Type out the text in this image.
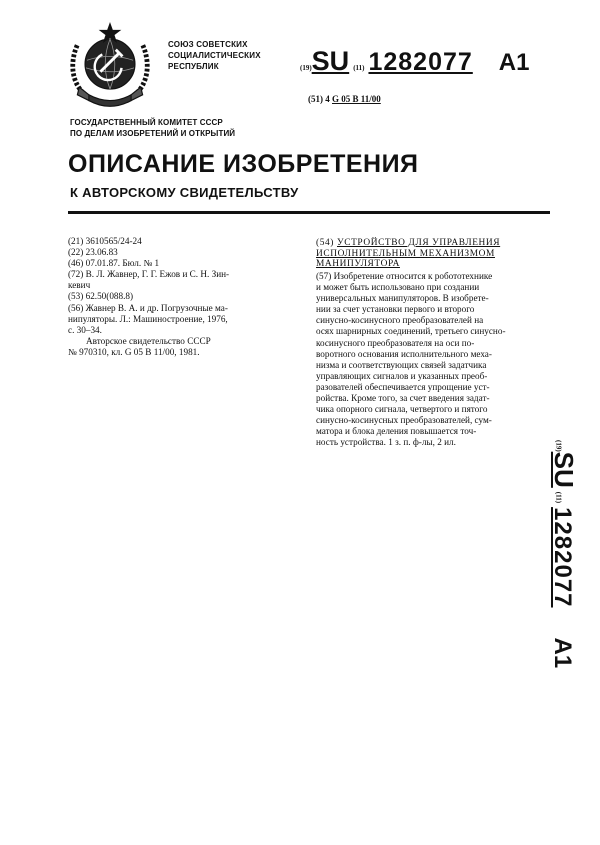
СОЮЗ СОВЕТСКИХ
СОЦИАЛИСТИЧЕСКИХ
РЕСПУБЛИК	(19)SU (11) 1282077 A1
(51) 4 G 05 B 11/00
ГОСУДАРСТВЕННЫЙ КОМИТЕТ СССР
ПО ДЕЛАМ ИЗОБРЕТЕНИЙ И ОТКРЫТИЙ
ОПИСАНИЕ ИЗОБРЕТЕНИЯ
К АВТОРСКОМУ СВИДЕТЕЛЬСТВУ
(21) 3610565/24-24
(22) 23.06.83
(46) 07.01.87. Бюл. № 1
(72) В. Л. Жавнер, Г. Г. Ежов и С. Н. Зин-
кевич
(53) 62.50(088.8)
(56) Жавнер В. А. и др. Погрузочные ма-
нипуляторы. Л.: Машиностроение, 1976,
с. 30–34.
Авторское свидетельство СССР
№ 970310, кл. G 05 B 11/00, 1981.
(54) УСТРОЙСТВО ДЛЯ УПРАВЛЕНИЯ
ИСПОЛНИТЕЛЬНЫМ МЕХАНИЗМОМ
МАНИПУЛЯТОРА
(57) Изобретение относится к робототехнике
и может быть использовано при создании
универсальных манипуляторов. В изобрете-
нии за счет установки первого и второго
синусно-косинусного преобразователей на
осях шарнирных соединений, третьего синусно-
косинусного преобразователя на оси по-
воротного основания исполнительного меха-
низма и соответствующих связей задатчика
управляющих сигналов и указанных преоб-
разователей обеспечивается упрощение уст-
ройства. Кроме того, за счет введения задат-
чика опорного сигнала, четвертого и пятого
синусно-косинусных преобразователей, сум-
матора и блока деления повышается точ-
ность устройства. 1 з. п. ф-лы, 2 ил.	(19)SU (11) 1282077 A1
